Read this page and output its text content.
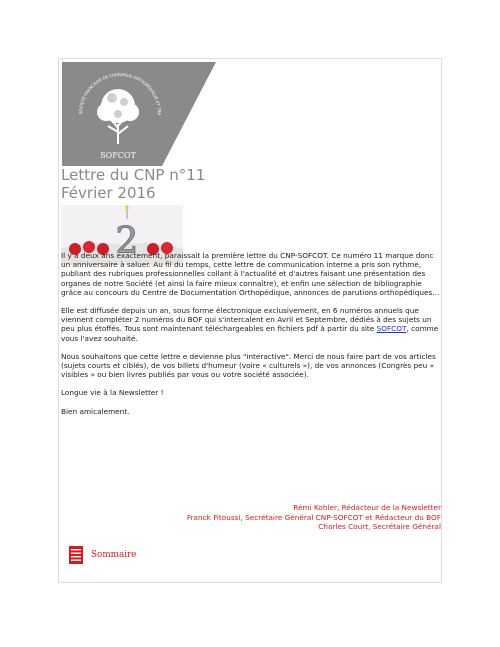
SOCIÉTÉ FRANÇAISE DE CHIRURGIE ORTHOPÉDIQUE ET TRA
SOFCOT
Lettre du CNP n°11
Février 2016
2

Il y a deux ans exactement, paraissait la première lettre du CNP-SOFCOT. Ce numéro 11 marque donc un anniversaire à saluer. Au fil du temps, cette lettre de communication interne a pris son rythme, publiant des rubriques professionnelles collant à l'actualité et d'autres faisant une présentation des organes de notre Société (et ainsi la faire mieux connaître), et enfin une sélection de bibliographie grâce au concours du Centre de Documentation Orthopédique, annonces de parutions orthopédiques...

Elle est diffusée depuis un an, sous forme électronique exclusivement, en 6 numéros annuels que viennent compléter 2 numéros du BOF qui s'intercalent en Avril et Septembre, dédiés à des sujets un peu plus étoffés. Tous sont maintenant téléchargeables en fichiers pdf à partir du site SOFCOT, comme vous l'avez souhaité.

Nous souhaitons que cette lettre e devienne plus "interactive". Merci de nous faire part de vos articles (sujets courts et ciblés), de vos billets d'humeur (voire « culturels »), de vos annonces (Congrès peu « visibles » ou bien livres publiés par vous ou votre société associée).

Longue vie à la Newsletter !

Bien amicalement.

Rémi Kohler, Rédacteur de la Newsletter
Franck Fitoussi, Secrétaire Général CNP-SOFCOT et Rédacteur du BOF
Charles Court, Secrétaire Général
Sommaire
